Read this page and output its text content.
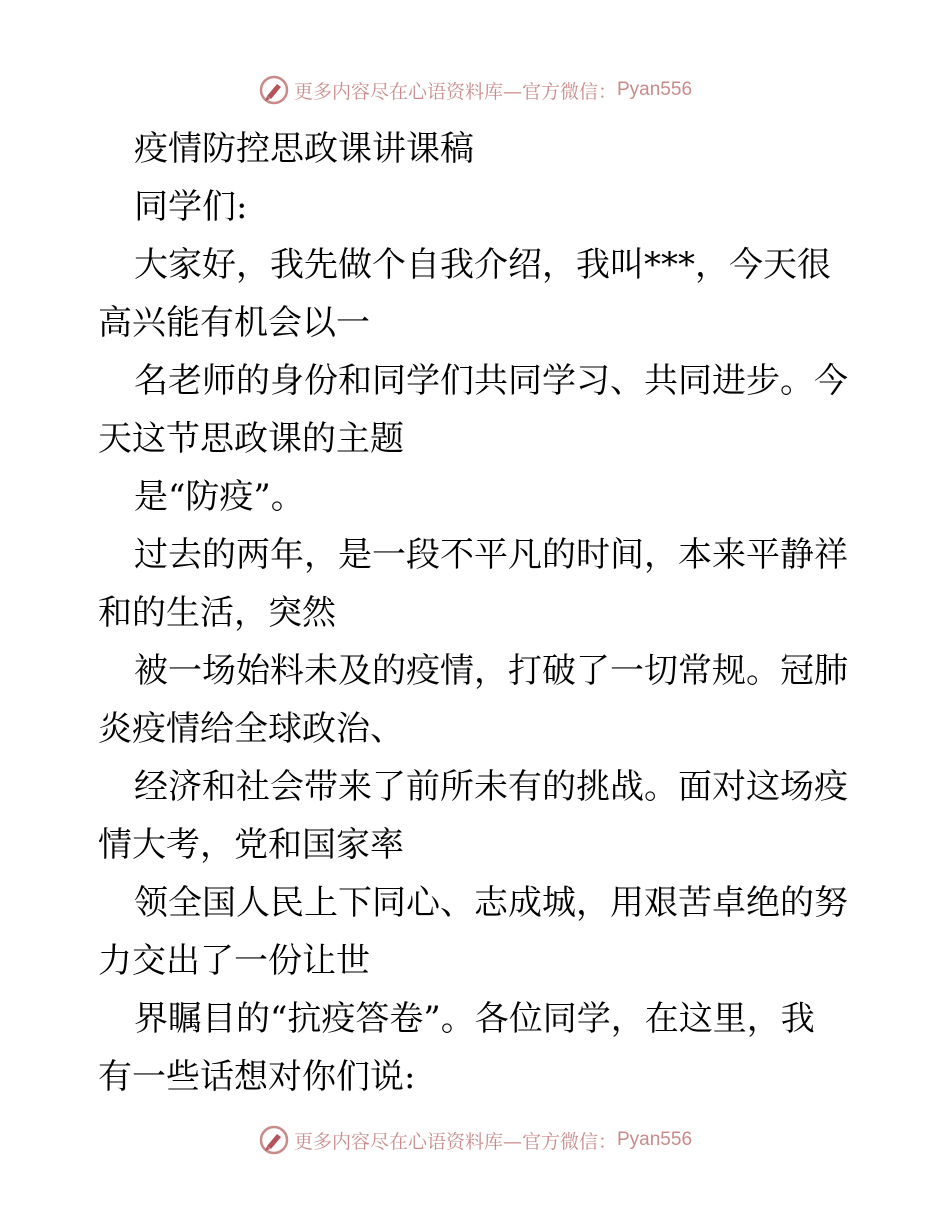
更多内容尽在心语资料库—官方微信： Pyan556
疫情防控思政课讲课稿
同学们:
大家好，我先做个自我介绍，我叫***，今天很
高兴能有机会以一
名老师的身份和同学们共同学习、共同进步。今
天这节思政课的主题
是“防疫”。
过去的两年，是一段不平凡的时间，本来平静祥
和的生活，突然
被一场始料未及的疫情，打破了一切常规。冠肺
炎疫情给全球政治、
经济和社会带来了前所未有的挑战。面对这场疫
情大考，党和国家率
领全国人民上下同心、志成城，用艰苦卓绝的努
力交出了一份让世
界瞩目的“抗疫答卷”。各位同学，在这里，我
有一些话想对你们说:
更多内容尽在心语资料库—官方微信： Pyan556
